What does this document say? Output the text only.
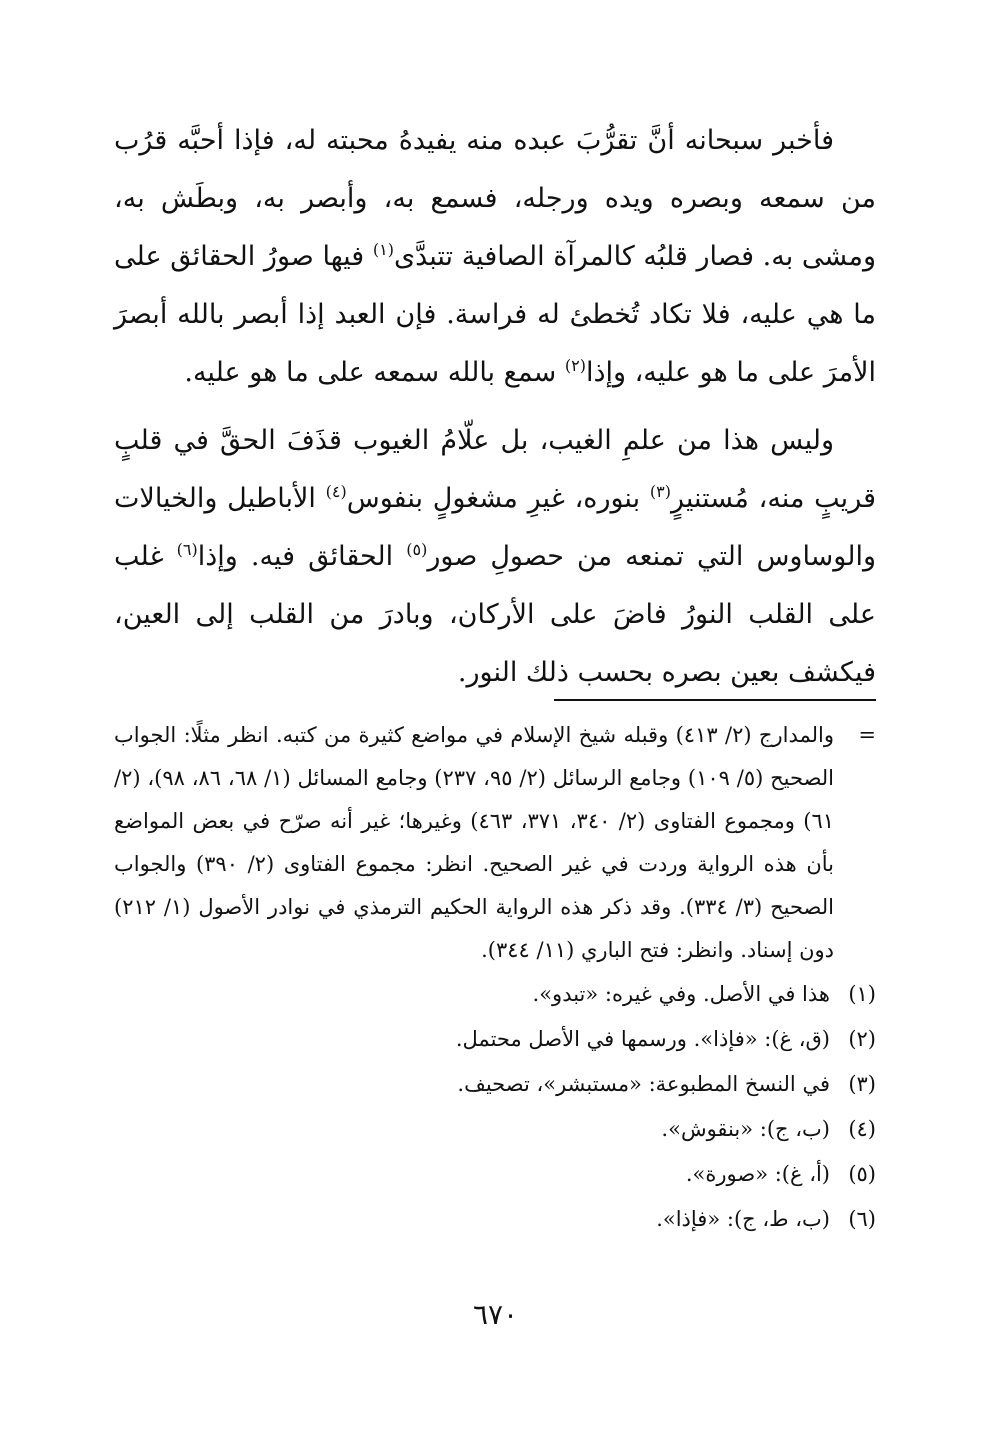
فأخبر سبحانه أنَّ تقرُّبَ عبده منه يفيدهُ محبته له، فإذا أحبَّه قرُب من سمعه وبصره ويده ورجله، فسمع به، وأبصر به، وبطَش به، ومشى به. فصار قلبُه كالمرآة الصافية تتبدَّى$^{(١)}$ فيها صورُ الحقائق على ما هي عليه، فلا تكاد تُخطئ له فراسة. فإن العبد إذا أبصر بالله أبصرَ الأمرَ على ما هو عليه، وإذا$^{(٢)}$ سمع بالله سمعه على ما هو عليه.

وليس هذا من علمِ الغيب، بل علّامُ الغيوب قذَفَ الحقَّ في قلبٍ قريبٍ منه، مُستنيرٍ$^{(٣)}$ بنوره، غيرِ مشغولٍ بنفوس$^{(٤)}$ الأباطيل والخيالات والوساوس التي تمنعه من حصولِ صور$^{(٥)}$ الحقائق فيه. وإذا$^{(٦)}$ غلب على القلب النورُ فاضَ على الأركان، وبادرَ من القلب إلى العين، فيكشف بعين بصره بحسب ذلك النور.

=
والمدارج (٢/ ٤١٣) وقبله شيخ الإسلام في مواضع كثيرة من كتبه. انظر مثلًا: الجواب الصحيح (٥/ ١٠٩) وجامع الرسائل (٢/ ٩٥، ٢٣٧) وجامع المسائل (١/ ٦٨، ٨٦، ٩٨)، (٢/ ٦١) ومجموع الفتاوى (٢/ ٣٤٠، ٣٧١، ٤٦٣) وغيرها؛ غير أنه صرّح في بعض المواضع بأن هذه الرواية وردت في غير الصحيح. انظر: مجموع الفتاوى (٢/ ٣٩٠) والجواب الصحيح (٣/ ٣٣٤). وقد ذكر هذه الرواية الحكيم الترمذي في نوادر الأصول (١/ ٢١٢) دون إسناد. وانظر: فتح الباري (١١/ ٣٤٤).
(١)
هذا في الأصل. وفي غيره: «تبدو».
(٢)
(ق، غ): «فإذا». ورسمها في الأصل محتمل.
(٣)
في النسخ المطبوعة: «مستبشر»، تصحيف.
(٤)
(ب، ج): «بنقوش».
(٥)
(أ، غ): «صورة».
(٦)
(ب، ط، ج): «فإذا».
٦٧٠
